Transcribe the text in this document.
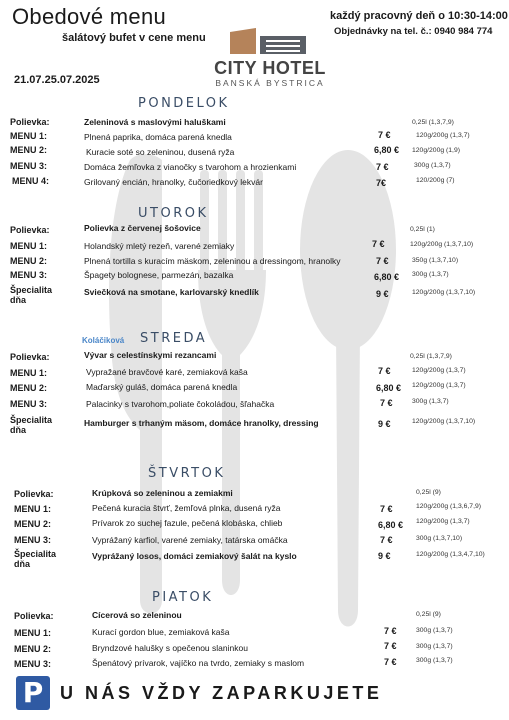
Obedové menu
šalátový bufet v cene menu
21.07.25.07.2025
každý pracovný deň o 10:30-14:00
Objednávky na tel. č.: 0940 984 774
CITY HOTEL
BANSKÁ BYSTRICA
PONDELOK
Polievka:	Zeleninová s maslovými haluškami	0,25l (1,3,7,9)
MENU 1:	Plnená paprika, domáca parená knedla	7 €	120g/200g (1,3,7)
MENU 2:	Kuracie soté so zeleninou, dusená ryža	6,80 € 120g/200g (1,9)
MENU 3:	Domáca žemľovka z vianočky s tvarohom a hrozienkami	7 €	300g (1,3,7)
MENU 4:	Grilovaný encián, hranolky, čučoriedkový lekvár	7€	120/200g (7)
UTOROK
Polievka:	Polievka z červenej šošovice	0,25l (1)
MENU 1:	Holandský mletý rezeň, varené zemiaky	7 €	120g/200g (1,3,7,10)
MENU 2:	Plnená tortilla s kuracím mäskom, zeleninou a dressingom, hranolky	7 €	350g (1,3,7,10)
MENU 3:	Špagety bolognese, parmezán, bazalka	6,80 € 300g (1,3,7)
Špecialita dňa
Sviečková na smotane, karlovarský knedlík	9 €	120g/200g (1,3,7,10)
Koláčiková STREDA
Polievka:	Vývar s celestínskymi rezancami	0,25l (1,3,7,9)
MENU 1:	Vypražané bravčové karé, zemiaková kaša	7 €	120g/200g (1,3,7)
MENU 2:	Maďarský guláš, domáca parená knedla	6,80 € 120g/200g (1,3,7)
MENU 3:	Palacinky s tvarohom,poliate čokoládou, šľahačka	7 €	300g (1,3,7)
Špecialita dňa
Hamburger s trhaným mäsom, domáce hranolky, dressing	9 €	120g/200g (1,3,7,10)
ŠTVRTOK
Polievka:	Krúpková so zeleninou a zemiakmi	0,25l (9)
MENU 1:	Pečená kuracia štvrť, žemľová plnka, dusená ryža	7 €	120g/200g (1,3,6,7,9)
MENU 2:	Prívarok zo suchej fazule, pečená klobáska, chlieb	6,80 € 120g/200g (1,3,7)
MENU 3:	Vyprážaný karfiol, varené zemiaky, tatárska omáčka	7 €	300g (1,3,7,10)
Špecialita dňa
Vyprážaný losos, domáci zemiakový šalát na kyslo	9 €	120g/200g (1,3,4,7,10)
PIATOK
Polievka:	Cícerová so zeleninou	0,25l (9)
MENU 1:	Kurací gordon blue, zemiaková kaša	7 €	300g (1,3,7)
MENU 2:	Bryndzové halušky s opečenou slaninkou	7 €	300g (1,3,7)
MENU 3:	Špenátový prívarok, vajíčko na tvrdo, zemiaky s maslom	7 €	300g (1,3,7)
P U NÁS VŽDY ZAPARKUJETE
